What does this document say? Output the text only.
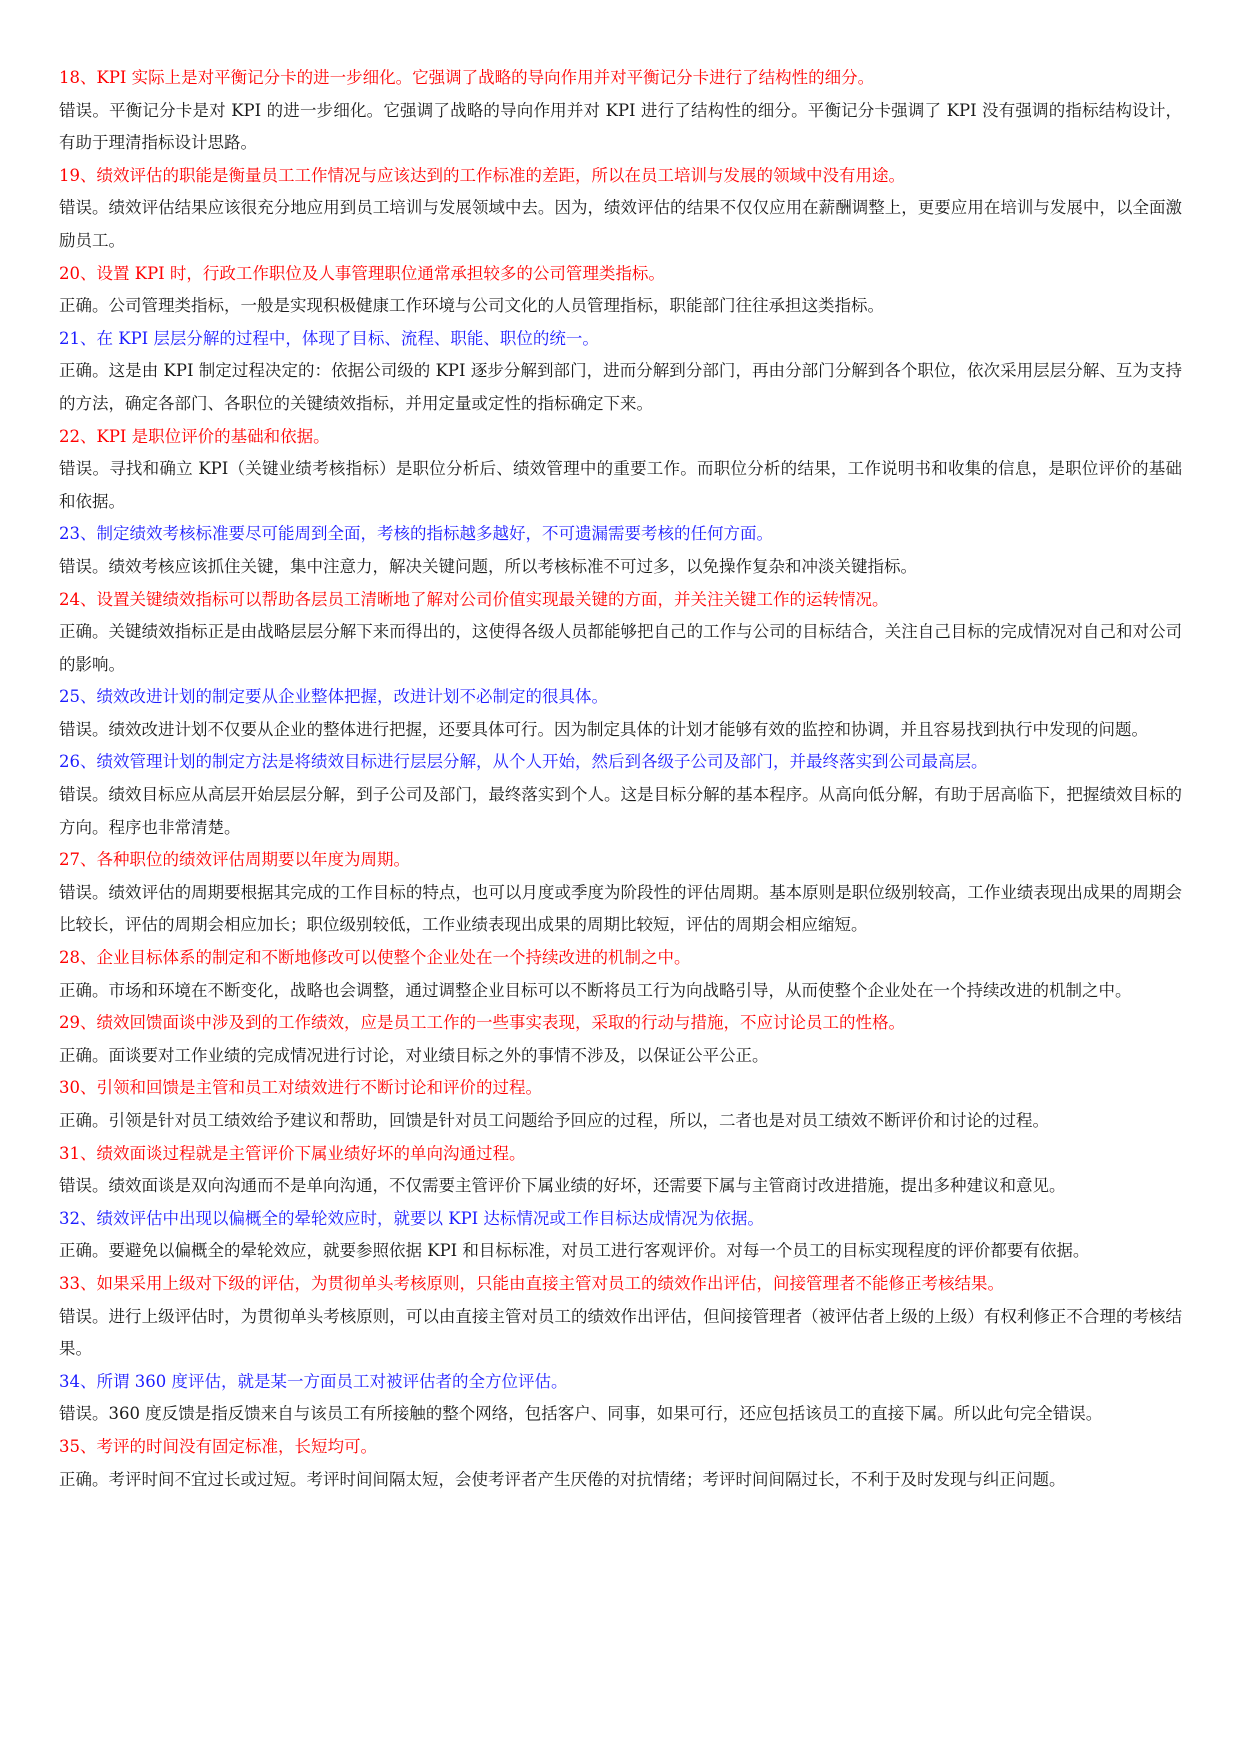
18、KPI 实际上是对平衡记分卡的进一步细化。它强调了战略的导向作用并对平衡记分卡进行了结构性的细分。

错误。平衡记分卡是对 KPI 的进一步细化。它强调了战略的导向作用并对 KPI 进行了结构性的细分。平衡记分卡强调了 KPI 没有强调的指标结构设计，有助于理清指标设计思路。

19、绩效评估的职能是衡量员工工作情况与应该达到的工作标准的差距，所以在员工培训与发展的领域中没有用途。

错误。绩效评估结果应该很充分地应用到员工培训与发展领域中去。因为，绩效评估的结果不仅仅应用在薪酬调整上，更要应用在培训与发展中，以全面激励员工。

20、设置 KPI 时，行政工作职位及人事管理职位通常承担较多的公司管理类指标。

正确。公司管理类指标，一般是实现积极健康工作环境与公司文化的人员管理指标，职能部门往往承担这类指标。

21、在 KPI 层层分解的过程中，体现了目标、流程、职能、职位的统一。

正确。这是由 KPI 制定过程决定的：依据公司级的 KPI 逐步分解到部门，进而分解到分部门，再由分部门分解到各个职位，依次采用层层分解、互为支持的方法，确定各部门、各职位的关键绩效指标，并用定量或定性的指标确定下来。

22、KPI 是职位评价的基础和依据。

错误。寻找和确立 KPI（关键业绩考核指标）是职位分析后、绩效管理中的重要工作。而职位分析的结果，工作说明书和收集的信息，是职位评价的基础和依据。

23、制定绩效考核标准要尽可能周到全面，考核的指标越多越好，不可遗漏需要考核的任何方面。

错误。绩效考核应该抓住关键，集中注意力，解决关键问题，所以考核标准不可过多，以免操作复杂和冲淡关键指标。

24、设置关键绩效指标可以帮助各层员工清晰地了解对公司价值实现最关键的方面，并关注关键工作的运转情况。

正确。关键绩效指标正是由战略层层分解下来而得出的，这使得各级人员都能够把自己的工作与公司的目标结合，关注自己目标的完成情况对自己和对公司的影响。

25、绩效改进计划的制定要从企业整体把握，改进计划不必制定的很具体。

错误。绩效改进计划不仅要从企业的整体进行把握，还要具体可行。因为制定具体的计划才能够有效的监控和协调，并且容易找到执行中发现的问题。

26、绩效管理计划的制定方法是将绩效目标进行层层分解，从个人开始，然后到各级子公司及部门，并最终落实到公司最高层。

错误。绩效目标应从高层开始层层分解，到子公司及部门，最终落实到个人。这是目标分解的基本程序。从高向低分解，有助于居高临下，把握绩效目标的方向。程序也非常清楚。

27、各种职位的绩效评估周期要以年度为周期。

错误。绩效评估的周期要根据其完成的工作目标的特点，也可以月度或季度为阶段性的评估周期。基本原则是职位级别较高，工作业绩表现出成果的周期会比较长，评估的周期会相应加长；职位级别较低，工作业绩表现出成果的周期比较短，评估的周期会相应缩短。

28、企业目标体系的制定和不断地修改可以使整个企业处在一个持续改进的机制之中。

正确。市场和环境在不断变化，战略也会调整，通过调整企业目标可以不断将员工行为向战略引导，从而使整个企业处在一个持续改进的机制之中。

29、绩效回馈面谈中涉及到的工作绩效，应是员工工作的一些事实表现，采取的行动与措施，不应讨论员工的性格。

正确。面谈要对工作业绩的完成情况进行讨论，对业绩目标之外的事情不涉及，以保证公平公正。

30、引领和回馈是主管和员工对绩效进行不断讨论和评价的过程。

正确。引领是针对员工绩效给予建议和帮助，回馈是针对员工问题给予回应的过程，所以，二者也是对员工绩效不断评价和讨论的过程。

31、绩效面谈过程就是主管评价下属业绩好坏的单向沟通过程。

错误。绩效面谈是双向沟通而不是单向沟通，不仅需要主管评价下属业绩的好坏，还需要下属与主管商讨改进措施，提出多种建议和意见。

32、绩效评估中出现以偏概全的晕轮效应时，就要以 KPI 达标情况或工作目标达成情况为依据。

正确。要避免以偏概全的晕轮效应，就要参照依据 KPI 和目标标准，对员工进行客观评价。对每一个员工的目标实现程度的评价都要有依据。

33、如果采用上级对下级的评估，为贯彻单头考核原则，只能由直接主管对员工的绩效作出评估，间接管理者不能修正考核结果。

错误。进行上级评估时，为贯彻单头考核原则，可以由直接主管对员工的绩效作出评估，但间接管理者（被评估者上级的上级）有权利修正不合理的考核结果。

34、所谓 360 度评估，就是某一方面员工对被评估者的全方位评估。

错误。360 度反馈是指反馈来自与该员工有所接触的整个网络，包括客户、同事，如果可行，还应包括该员工的直接下属。所以此句完全错误。

35、考评的时间没有固定标准，长短均可。

正确。考评时间不宜过长或过短。考评时间间隔太短，会使考评者产生厌倦的对抗情绪；考评时间间隔过长，不利于及时发现与纠正问题。
